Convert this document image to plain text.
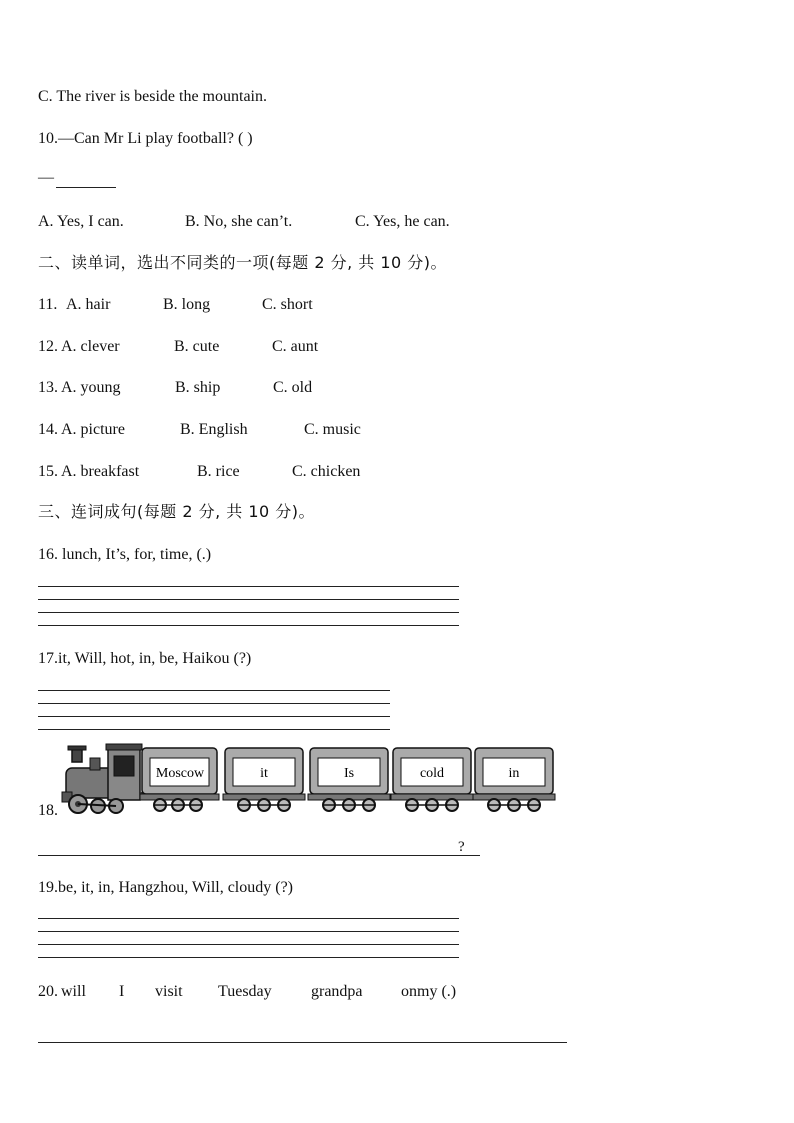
C. The river is beside the mountain.
10.—Can Mr Li play football? ( )
—
A. Yes, I can.	B. No, she can’t.	C. Yes, he can.
二、读单词，选出不同类的一项(每题 2 分, 共 10 分)。
11. A. hair	B. long	C. short
12. A. clever	B. cute	C. aunt
13. A. young	B. ship	C. old
14. A. picture	B. English	C. music
15. A. breakfast	B. rice	C. chicken
三、连词成句(每题 2 分, 共 10 分)。
16. lunch, It’s, for, time, (.)
17.it, Will, hot, in, be, Haikou (?)
18.
Moscow	it	Is	cold	in
?
19.be, it, in, Hangzhou, Will, cloudy (?)
20. will I visit Tuesday grandpa onmy (.)
